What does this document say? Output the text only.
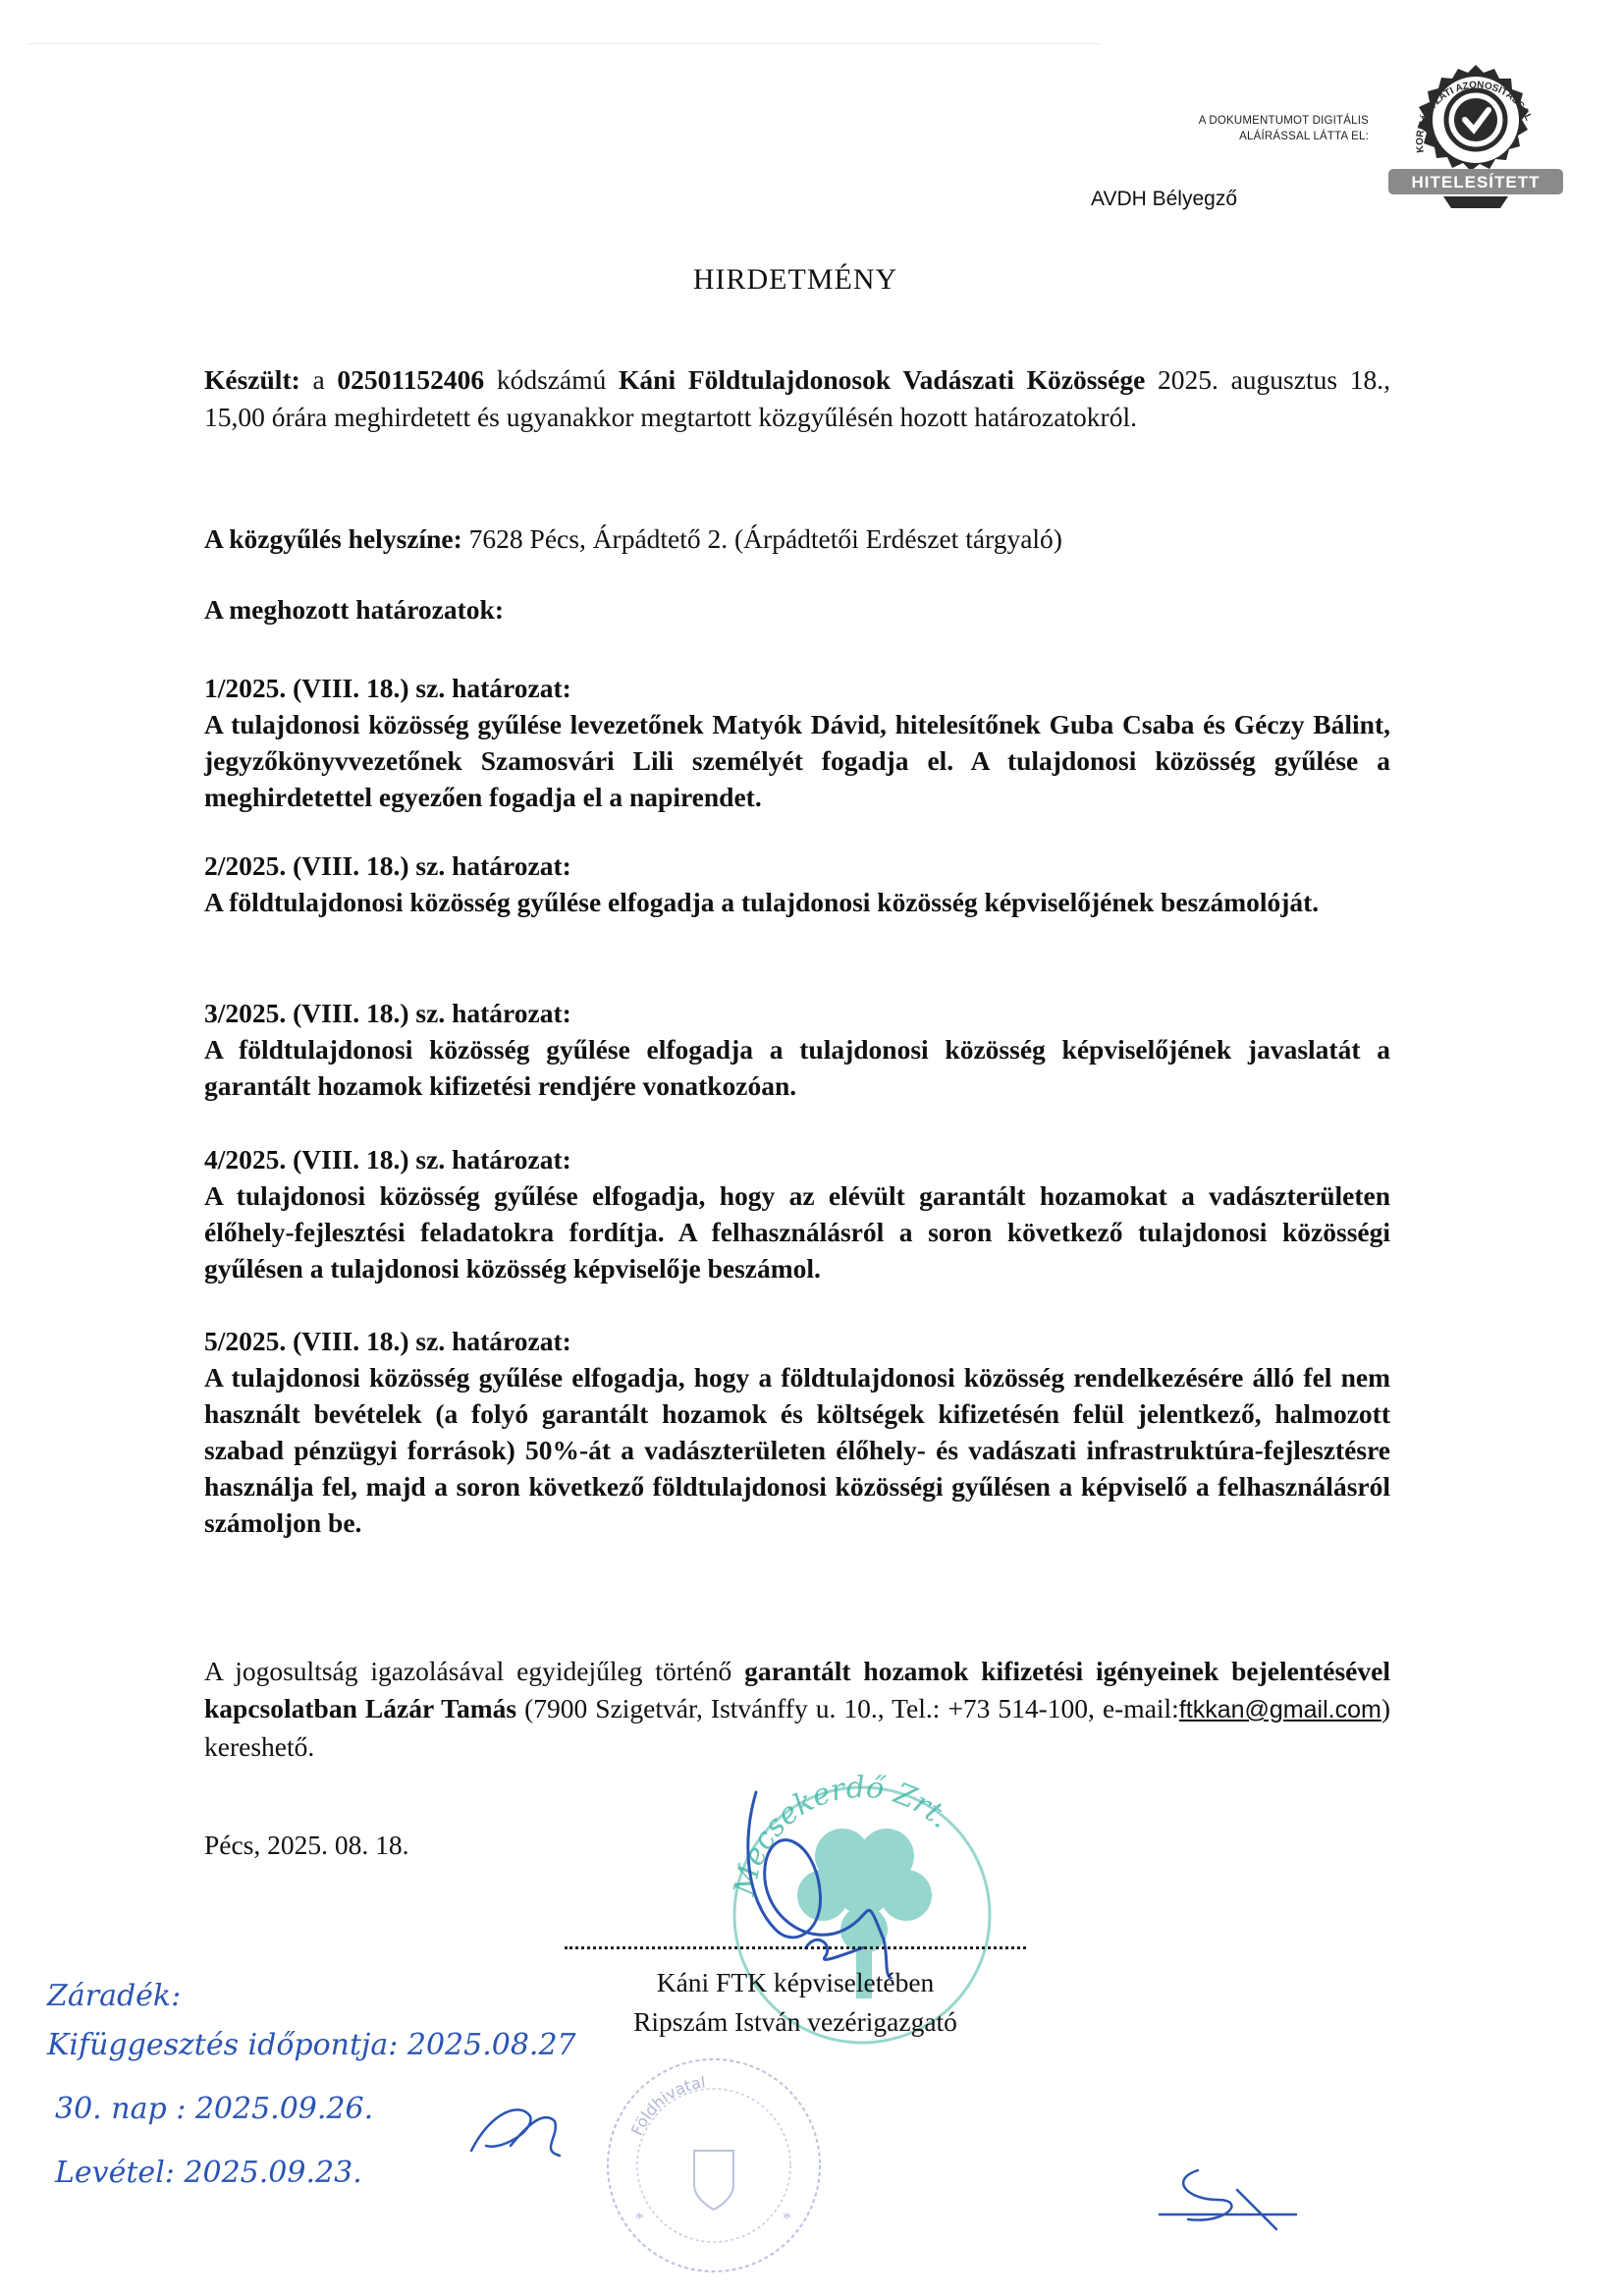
A DOKUMENTUMOT DIGITÁLIS
ALÁÍRÁSSAL LÁTTA EL:
AVDH Bélyegző
KORMÁNYZATI AZONOSÍTÁSSAL
HITELESÍTETT
HIRDETMÉNY

Készült: a 02501152406 kódszámú Káni Földtulajdonosok Vadászati Közössége 2025. augusztus 18., 15,00 órára meghirdetett és ugyanakkor megtartott közgyűlésén hozott határozatokról.

A közgyűlés helyszíne: 7628 Pécs, Árpádtető 2. (Árpádtetői Erdészet tárgyaló)

A meghozott határozatok:

1/2025. (VIII. 18.) sz. határozat:
A tulajdonosi közösség gyűlése levezetőnek Matyók Dávid, hitelesítőnek Guba Csaba és Géczy Bálint, jegyzőkönyvvezetőnek Szamosvári Lili személyét fogadja el. A tulajdonosi közösség gyűlése a meghirdetettel egyezően fogadja el a napirendet.
2/2025. (VIII. 18.) sz. határozat:
A földtulajdonosi közösség gyűlése elfogadja a tulajdonosi közösség képviselőjének beszámolóját.
3/2025. (VIII. 18.) sz. határozat:
A földtulajdonosi közösség gyűlése elfogadja a tulajdonosi közösség képviselőjének javaslatát a garantált hozamok kifizetési rendjére vonatkozóan.
4/2025. (VIII. 18.) sz. határozat:
A tulajdonosi közösség gyűlése elfogadja, hogy az elévült garantált hozamokat a vadászterületen élőhely-fejlesztési feladatokra fordítja. A felhasználásról a soron következő tulajdonosi közösségi gyűlésen a tulajdonosi közösség képviselője beszámol.
5/2025. (VIII. 18.) sz. határozat:
A tulajdonosi közösség gyűlése elfogadja, hogy a földtulajdonosi közösség rendelkezésére álló fel nem használt bevételek (a folyó garantált hozamok és költségek kifizetésén felül jelentkező, halmozott szabad pénzügyi források) 50%-át a vadászterületen élőhely- és vadászati infrastruktúra-fejlesztésre használja fel, majd a soron következő földtulajdonosi közösségi gyűlésen a képviselő a felhasználásról számoljon be.

A jogosultság igazolásával egyidejűleg történő garantált hozamok kifizetési igényeinek bejelentésével kapcsolatban Lázár Tamás (7900 Szigetvár, Istvánffy u. 10., Tel.: +73 514-100, e-mail:ftkkan@gmail.com) kereshető.

Pécs, 2025. 08. 18.
Mecsekerdő Zrt.
Káni FTK képviseletében
Ripszám István vezérigazgató
Földhivatal
*	*
Záradék:
Kifüggesztés időpontja: 2025.08.27
30. nap : 2025.09.26.
Levétel: 2025.09.23.
